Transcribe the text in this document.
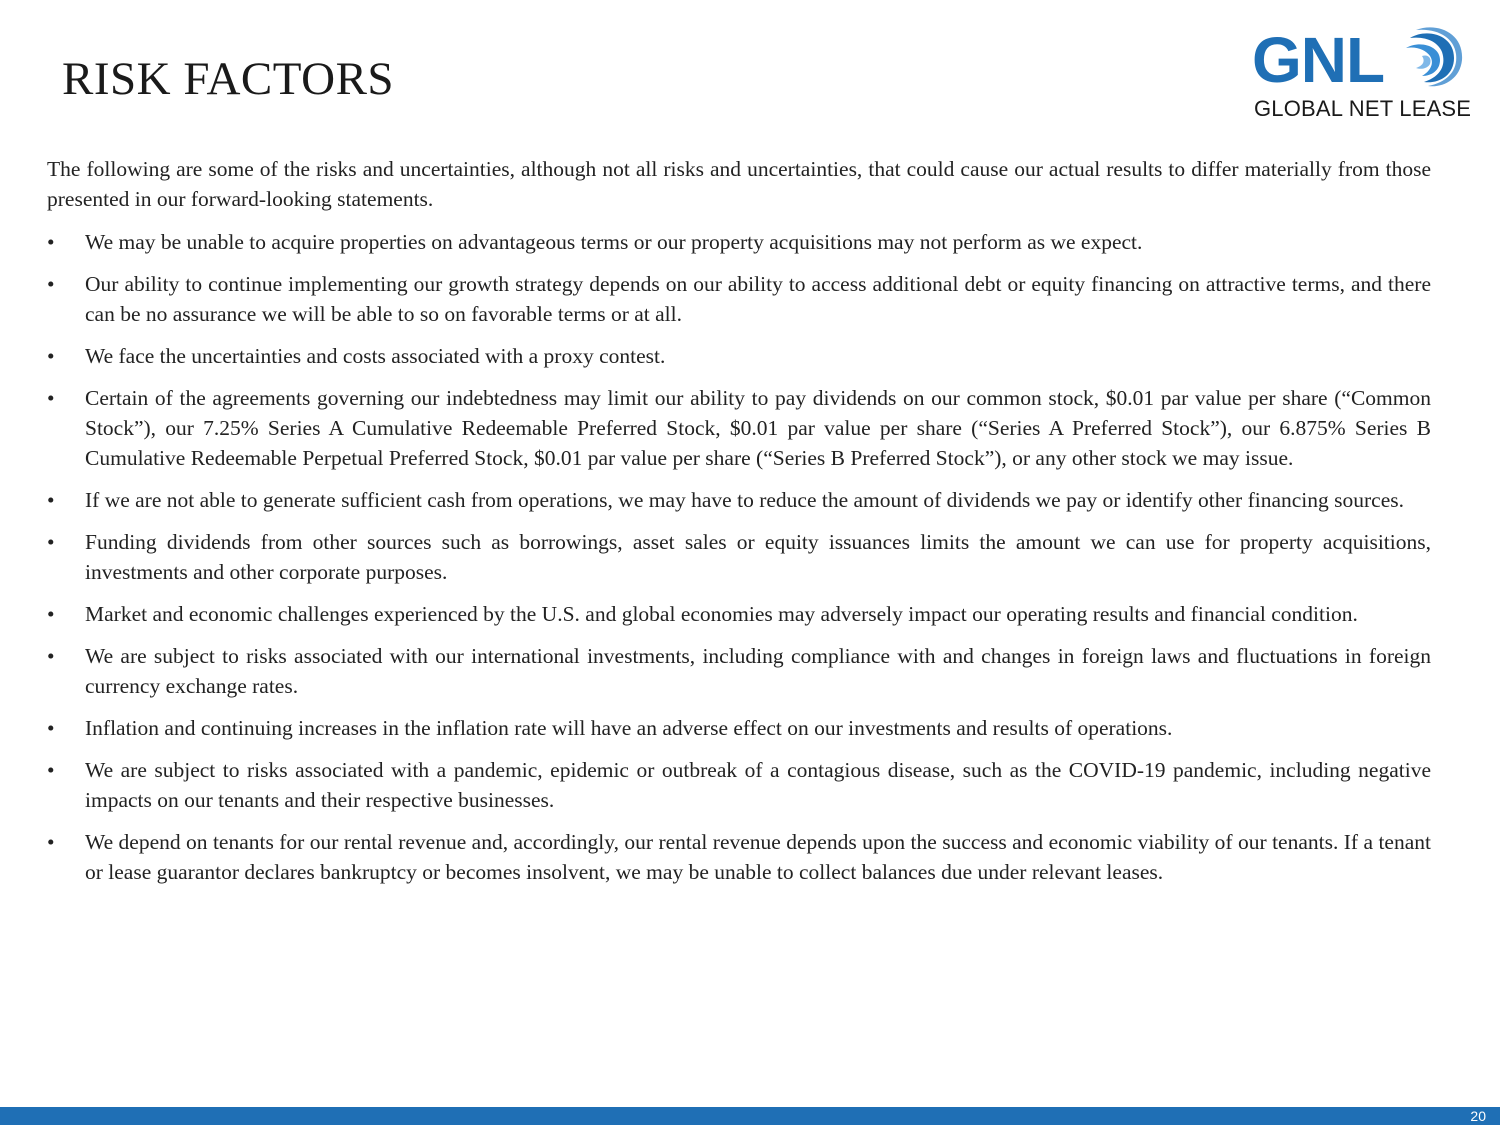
RISK FACTORS	GNL
GLOBAL NET LEASE

The following are some of the risks and uncertainties, although not all risks and uncertainties, that could cause our actual results to differ materially from those presented in our forward-looking statements.

• We may be unable to acquire properties on advantageous terms or our property acquisitions may not perform as we expect.
• Our ability to continue implementing our growth strategy depends on our ability to access additional debt or equity financing on attractive terms, and there can be no assurance we will be able to so on favorable terms or at all.
• We face the uncertainties and costs associated with a proxy contest.
• Certain of the agreements governing our indebtedness may limit our ability to pay dividends on our common stock, $0.01 par value per share (“Common Stock”), our 7.25% Series A Cumulative Redeemable Preferred Stock, $0.01 par value per share (“Series A Preferred Stock”), our 6.875% Series B Cumulative Redeemable Perpetual Preferred Stock, $0.01 par value per share (“Series B Preferred Stock”), or any other stock we may issue.
• If we are not able to generate sufficient cash from operations, we may have to reduce the amount of dividends we pay or identify other financing sources.
• Funding dividends from other sources such as borrowings, asset sales or equity issuances limits the amount we can use for property acquisitions, investments and other corporate purposes.
• Market and economic challenges experienced by the U.S. and global economies may adversely impact our operating results and financial condition.
• We are subject to risks associated with our international investments, including compliance with and changes in foreign laws and fluctuations in foreign currency exchange rates.
• Inflation and continuing increases in the inflation rate will have an adverse effect on our investments and results of operations.
• We are subject to risks associated with a pandemic, epidemic or outbreak of a contagious disease, such as the COVID-19 pandemic, including negative impacts on our tenants and their respective businesses.
• We depend on tenants for our rental revenue and, accordingly, our rental revenue depends upon the success and economic viability of our tenants. If a tenant or lease guarantor declares bankruptcy or becomes insolvent, we may be unable to collect balances due under relevant leases.
20
